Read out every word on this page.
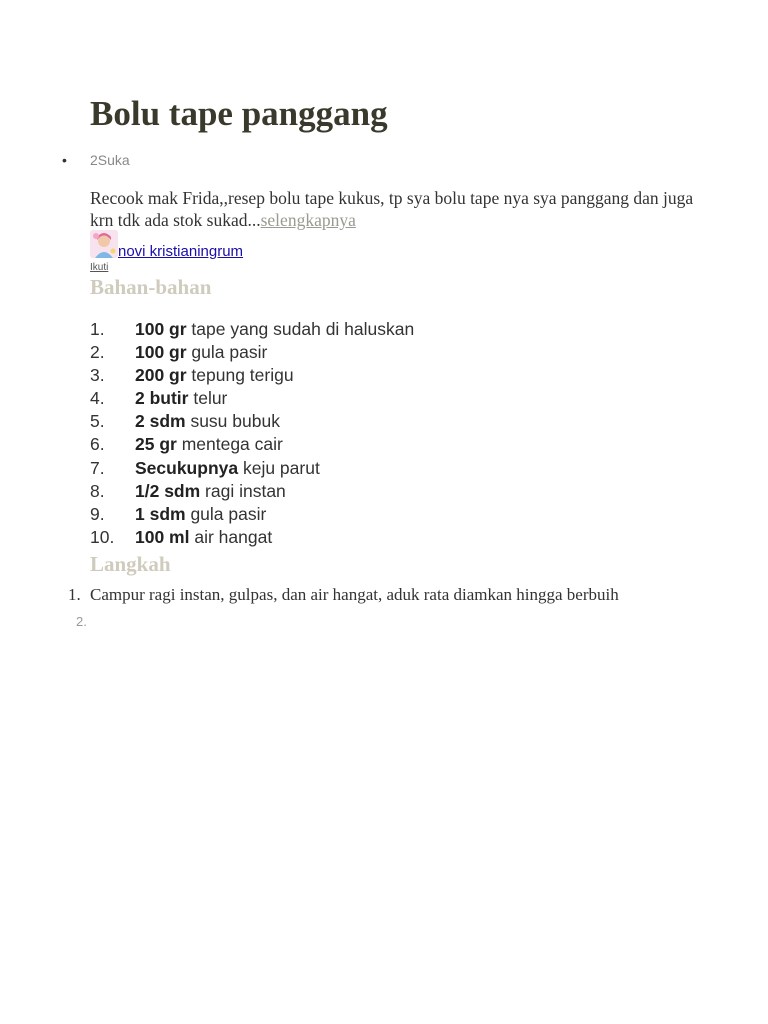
Bolu tape panggang
• 2Suka

Recook mak Frida,,resep bolu tape kukus, tp sya bolu tape nya sya panggang dan juga krn tdk ada stok sukad...selengkapnya

novi kristianingrum
Ikuti
Bahan-bahan
1. 100 gr tape yang sudah di haluskan
2. 100 gr gula pasir
3. 200 gr tepung terigu
4. 2 butir telur
5. 2 sdm susu bubuk
6. 25 gr mentega cair
7. Secukupnya keju parut
8. 1/2 sdm ragi instan
9. 1 sdm gula pasir
10. 100 ml air hangat
Langkah
1. Campur ragi instan, gulpas, dan air hangat, aduk rata diamkan hingga berbuih
2.
